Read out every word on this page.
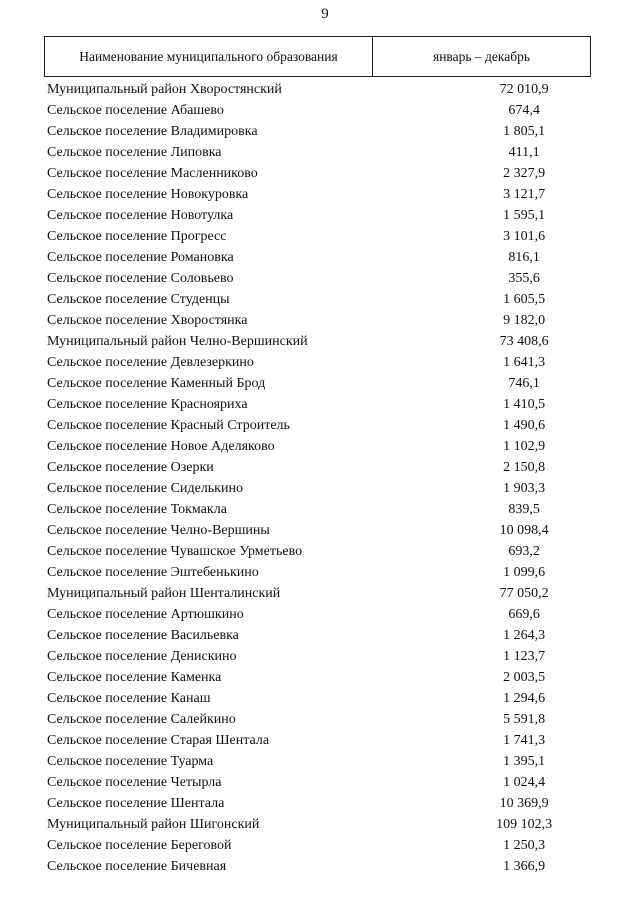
9
Наименование муниципального образования	январь – декабрь
Муниципальный район Хворостянский	72 010,9
Сельское поселение Абашево	674,4
Сельское поселение Владимировка	1 805,1
Сельское поселение Липовка	411,1
Сельское поселение Масленниково	2 327,9
Сельское поселение Новокуровка	3 121,7
Сельское поселение Новотулка	1 595,1
Сельское поселение Прогресс	3 101,6
Сельское поселение Романовка	816,1
Сельское поселение Соловьево	355,6
Сельское поселение Студенцы	1 605,5
Сельское поселение Хворостянка	9 182,0
Муниципальный район Челно-Вершинский	73 408,6
Сельское поселение Девлезеркино	1 641,3
Сельское поселение Каменный Брод	746,1
Сельское поселение Краснояриха	1 410,5
Сельское поселение Красный Строитель	1 490,6
Сельское поселение Новое Аделяково	1 102,9
Сельское поселение Озерки	2 150,8
Сельское поселение Сиделькино	1 903,3
Сельское поселение Токмакла	839,5
Сельское поселение Челно-Вершины	10 098,4
Сельское поселение Чувашское Урметьево	693,2
Сельское поселение Эштебенькино	1 099,6
Муниципальный район Шенталинский	77 050,2
Сельское поселение Артюшкино	669,6
Сельское поселение Васильевка	1 264,3
Сельское поселение Денискино	1 123,7
Сельское поселение Каменка	2 003,5
Сельское поселение Канаш	1 294,6
Сельское поселение Салейкино	5 591,8
Сельское поселение Старая Шентала	1 741,3
Сельское поселение Туарма	1 395,1
Сельское поселение Четырла	1 024,4
Сельское поселение Шентала	10 369,9
Муниципальный район Шигонский	109 102,3
Сельское поселение Береговой	1 250,3
Сельское поселение Бичевная	1 366,9
